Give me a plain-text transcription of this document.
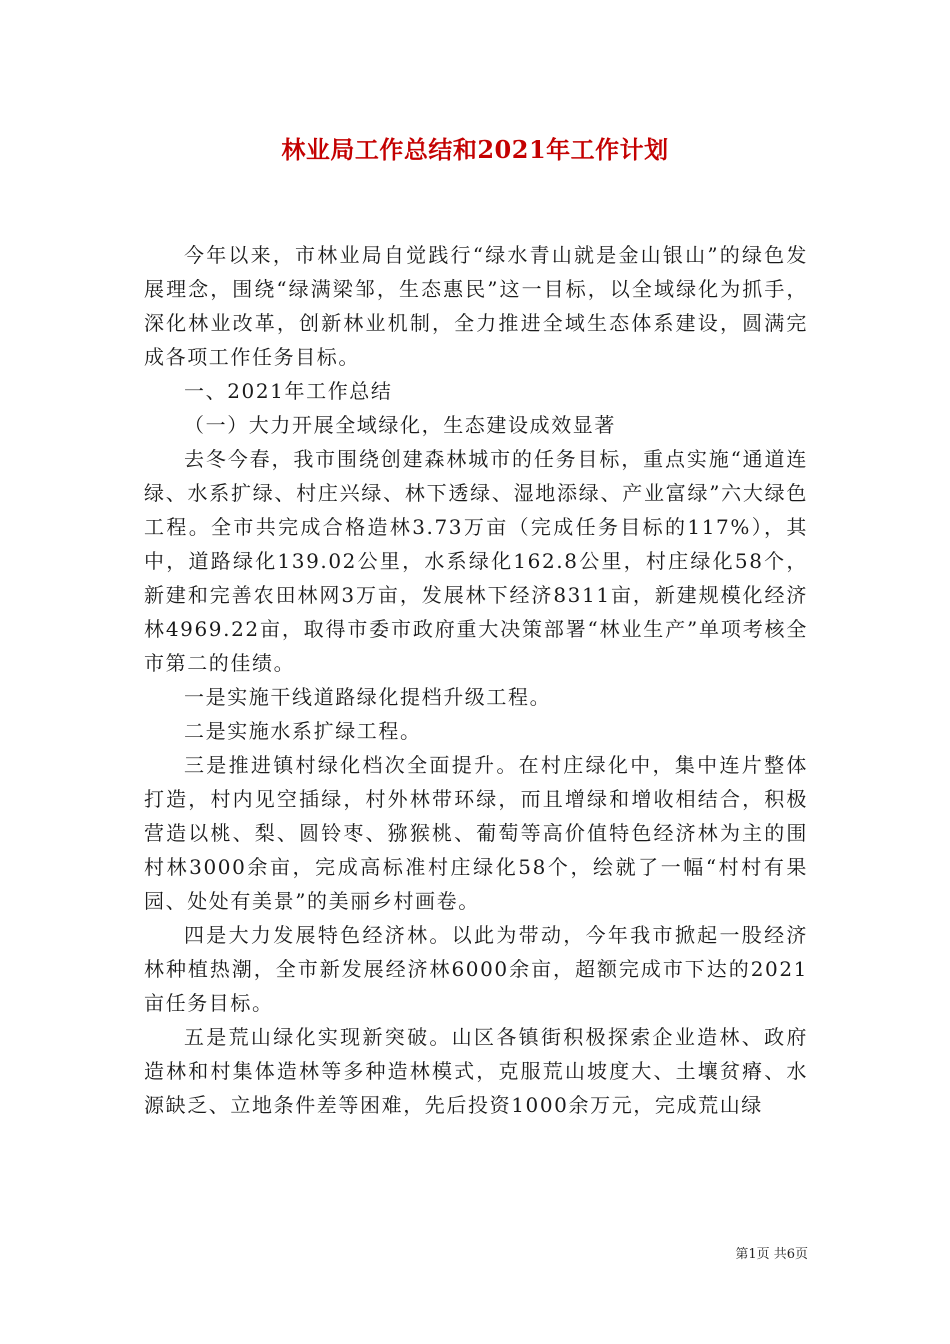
林业局工作总结和2021年工作计划

今年以来，市林业局自觉践行“绿水青山就是金山银山”的绿色发展理念，围绕“绿满梁邹，生态惠民”这一目标，以全域绿化为抓手，深化林业改革，创新林业机制，全力推进全域生态体系建设，圆满完成各项工作任务目标。

一、2021年工作总结

（一）大力开展全域绿化，生态建设成效显著

去冬今春，我市围绕创建森林城市的任务目标，重点实施“通道连绿、水系扩绿、村庄兴绿、林下透绿、湿地添绿、产业富绿”六大绿色工程。全市共完成合格造林3.73万亩（完成任务目标的117%），其中，道路绿化139.02公里，水系绿化162.8公里，村庄绿化58个，新建和完善农田林网3万亩，发展林下经济8311亩，新建规模化经济林4969.22亩，取得市委市政府重大决策部署“林业生产”单项考核全市第二的佳绩。

一是实施干线道路绿化提档升级工程。

二是实施水系扩绿工程。

三是推进镇村绿化档次全面提升。在村庄绿化中，集中连片整体打造，村内见空插绿，村外林带环绿，而且增绿和增收相结合，积极营造以桃、梨、圆铃枣、猕猴桃、葡萄等高价值特色经济林为主的围村林3000余亩，完成高标准村庄绿化58个，绘就了一幅“村村有果园、处处有美景”的美丽乡村画卷。

四是大力发展特色经济林。以此为带动，今年我市掀起一股经济林种植热潮，全市新发展经济林6000余亩，超额完成市下达的2021亩任务目标。

五是荒山绿化实现新突破。山区各镇街积极探索企业造林、政府造林和村集体造林等多种造林模式，克服荒山坡度大、土壤贫瘠、水源缺乏、立地条件差等困难，先后投资1000余万元，完成荒山绿

第1页 共6页
